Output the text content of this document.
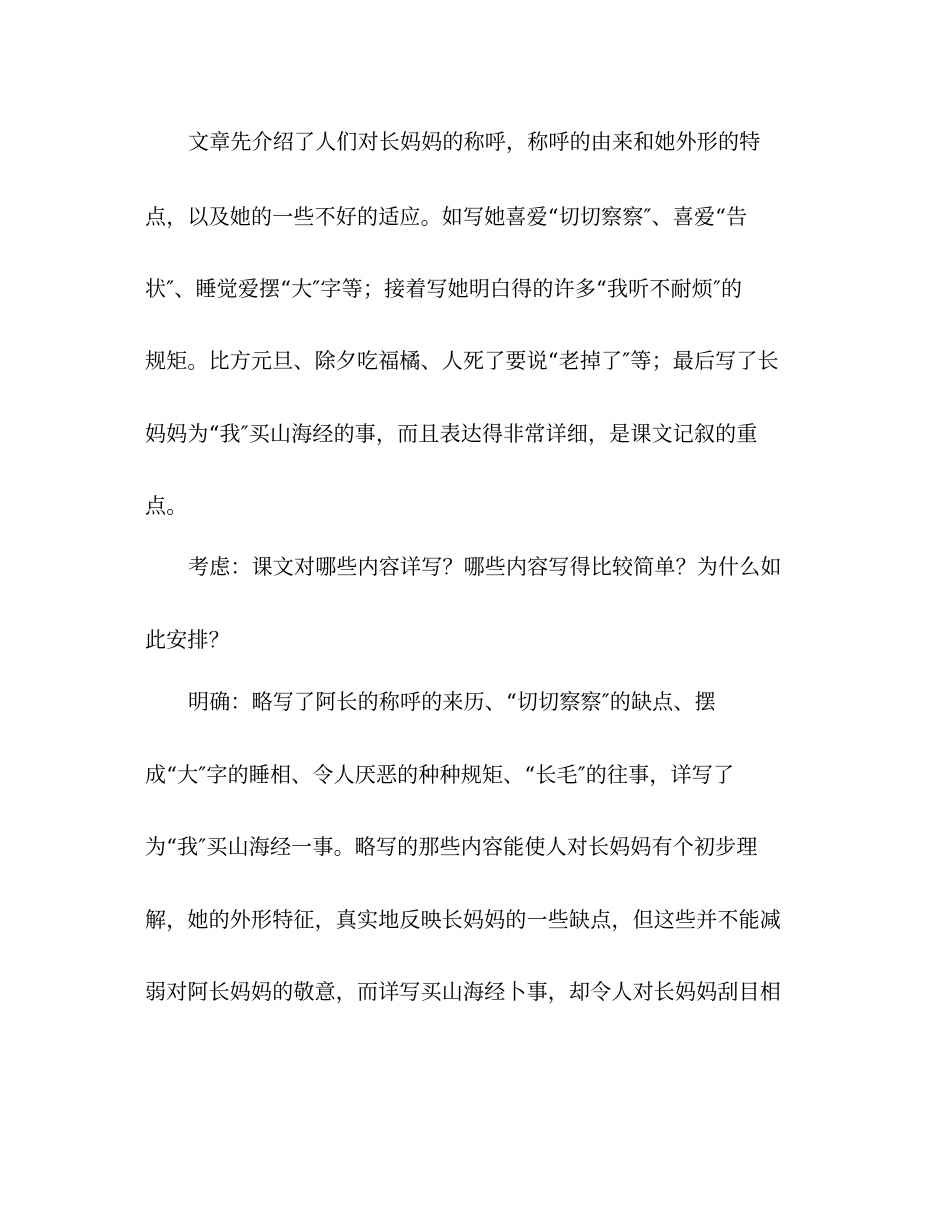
文章先介绍了人们对长妈妈的称呼，称呼的由来和她外形的特
点，以及她的一些不好的适应。如写她喜爱“切切察察″、喜爱“告
状″、睡觉爱摆“大″字等；接着写她明白得的许多“我听不耐烦″的
规矩。比方元旦、除夕吃福橘、人死了要说“老掉了″等；最后写了长
妈妈为“我″买山海经的事，而且表达得非常详细，是课文记叙的重
点。
考虑：课文对哪些内容详写？哪些内容写得比较简单？为什么如
此安排？
明确：略写了阿长的称呼的来历、“切切察察″的缺点、摆
成“大″字的睡相、令人厌恶的种种规矩、“长毛″的往事，详写了
为“我″买山海经一事。略写的那些内容能使人对长妈妈有个初步理
解，她的外形特征，真实地反映长妈妈的一些缺点，但这些并不能减
弱对阿长妈妈的敬意，而详写买山海经卜事，却令人对长妈妈刮目相
